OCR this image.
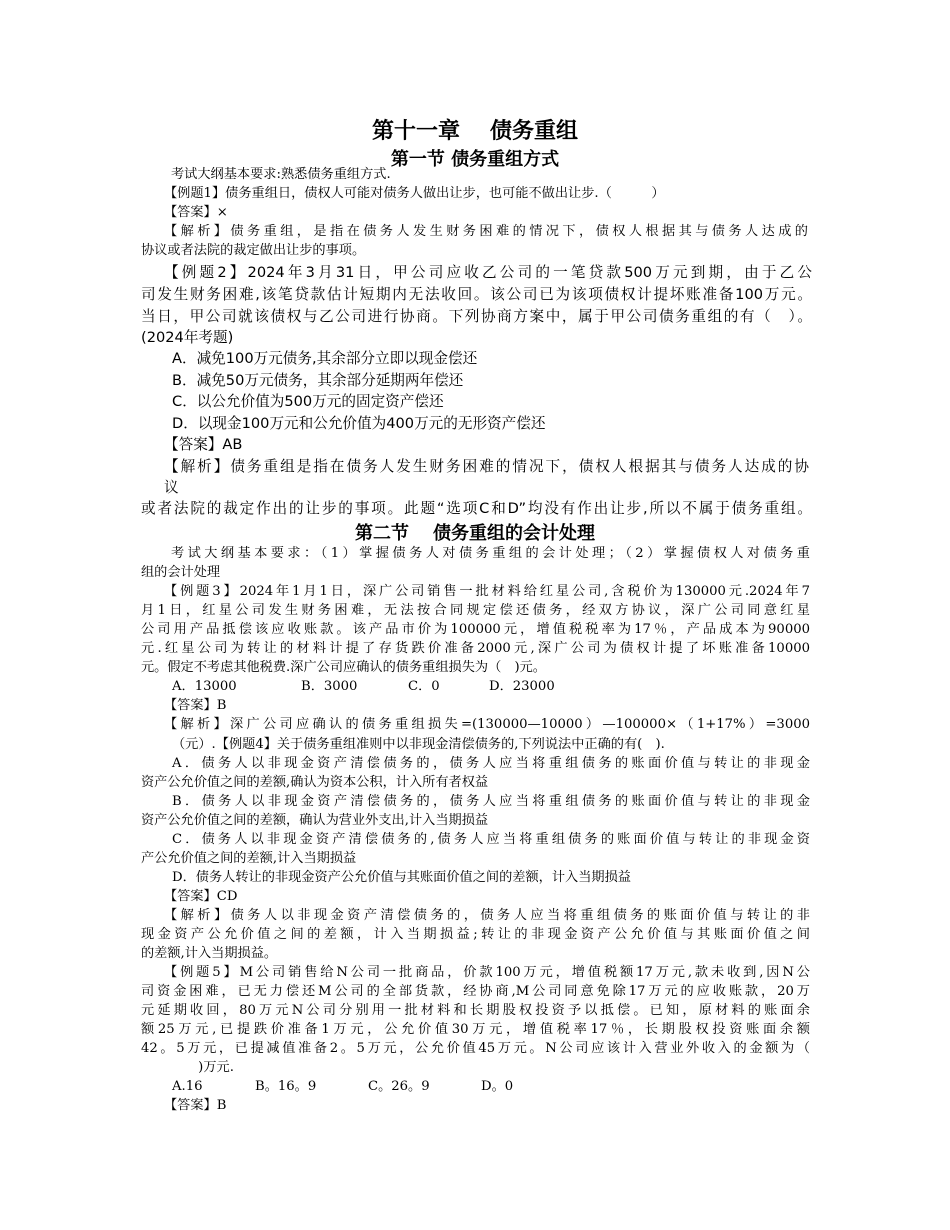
第十一章 债务重组
第一节 债务重组方式
考试大纲基本要求:熟悉债务重组方式.
【例题1】债务重组日，债权人可能对债务人做出让步，也可能不做出让步.（　　　）
【答案】×
【解析】债务重组，是指在债务人发生财务困难的情况下，债权人根据其与债务人达成的
协议或者法院的裁定做出让步的事项。
【例题2】2024年3月31日，甲公司应收乙公司的一笔贷款500万元到期，由于乙公
司发生财务困难,该笔贷款估计短期内无法收回。该公司已为该项债权计提坏账准备100万元。
当日，甲公司就该债权与乙公司进行协商。下列协商方案中，属于甲公司债务重组的有（　）。
(2024年考题)
A．减免100万元债务,其余部分立即以现金偿还
B．减免50万元债务，其余部分延期两年偿还
C．以公允价值为500万元的固定资产偿还
D．以现金100万元和公允价值为400万元的无形资产偿还
【答案】AB
【解析】债务重组是指在债务人发生财务困难的情况下，债权人根据其与债务人达成的协
议
或者法院的裁定作出的让步的事项。此题“选项C和D”均没有作出让步,所以不属于债务重组。
第二节 债务重组的会计处理
考试大纲基本要求：（1）掌握债务人对债务重组的会计处理；（2）掌握债权人对债务重
组的会计处理
【例题3】2024年1月1日，深广公司销售一批材料给红星公司,含税价为130000元.2024年7
月1日，红星公司发生财务困难，无法按合同规定偿还债务，经双方协议，深广公司同意红星
公司用产品抵偿该应收账款。该产品市价为100000元，增值税税率为17％，产品成本为90000
元.红星公司为转让的材料计提了存货跌价准备2000元,深广公司为债权计提了坏账准备10000
元。假定不考虑其他税费.深广公司应确认的债务重组损失为（　)元。
A．13000	B．3000	C．0	D．23000
【答案】B
【解析】深广公司应确认的债务重组损失=(130000—10000）—100000×（1+17%）=3000
（元）.【例题4】关于债务重组准则中以非现金清偿债务的,下列说法中正确的有(　).
A．债务人以非现金资产清偿债务的，债务人应当将重组债务的账面价值与转让的非现金
资产公允价值之间的差额,确认为资本公积，计入所有者权益
B．债务人以非现金资产清偿债务的，债务人应当将重组债务的账面价值与转让的非现金
资产公允价值之间的差额，确认为营业外支出,计入当期损益
C．债务人以非现金资产清偿债务的,债务人应当将重组债务的账面价值与转让的非现金资
产公允价值之间的差额,计入当期损益
D．债务人转让的非现金资产公允价值与其账面价值之间的差额，计入当期损益
【答案】CD
【解析】债务人以非现金资产清偿债务的，债务人应当将重组债务的账面价值与转让的非
现金资产公允价值之间的差额，计入当期损益;转让的非现金资产公允价值与其账面价值之间
的差额,计入当期损益。
【例题5】M公司销售给N公司一批商品，价款100万元，增值税额17万元,款未收到,因N公
司资金困难，已无力偿还M公司的全部货款，经协商,M公司同意免除17万元的应收账款，20万
元延期收回，80万元N公司分别用一批材料和长期股权投资予以抵偿。已知，原材料的账面余
额25万元,已提跌价准备1万元，公允价值30万元，增值税率17％，长期股权投资账面余额
42。5万元，已提减值准备2。5万元，公允价值45万元。N公司应该计入营业外收入的金额为（
　)万元.
A.16	B。16。9	C。26。9	D。0
【答案】B
